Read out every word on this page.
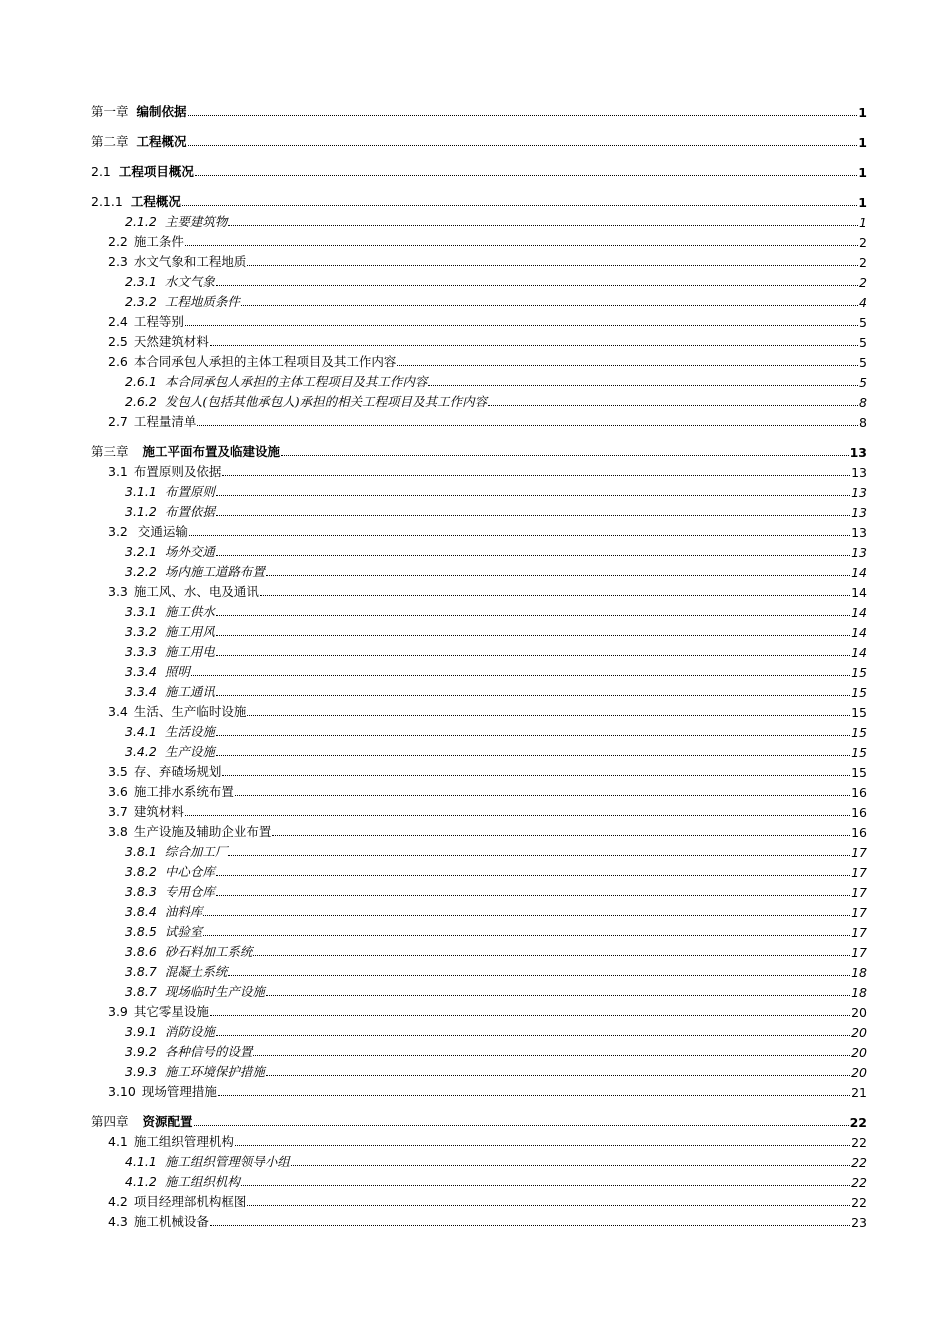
第一章 编制依据	1
第二章 工程概况	1
2.1 工程项目概况	1
2.1.1 工程概况	1
2.1.2 主要建筑物	1
2.2 施工条件	2
2.3 水文气象和工程地质	2
2.3.1 水文气象	2
2.3.2 工程地质条件	4
2.4 工程等别	5
2.5 天然建筑材料	5
2.6 本合同承包人承担的主体工程项目及其工作内容	5
2.6.1 本合同承包人承担的主体工程项目及其工作内容	5
2.6.2 发包人(包括其他承包人)承担的相关工程项目及其工作内容	8
2.7 工程量清单	8
第三章 施工平面布置及临建设施	13
3.1 布置原则及依据	13
3.1.1 布置原则	13
3.1.2 布置依据	13
3.2 交通运输	13
3.2.1 场外交通	13
3.2.2 场内施工道路布置	14
3.3 施工风、水、电及通讯	14
3.3.1 施工供水	14
3.3.2 施工用风	14
3.3.3 施工用电	14
3.3.4 照明	15
3.3.4 施工通讯	15
3.4 生活、生产临时设施	15
3.4.1 生活设施	15
3.4.2 生产设施	15
3.5 存、弃碴场规划	15
3.6 施工排水系统布置	16
3.7 建筑材料	16
3.8 生产设施及辅助企业布置	16
3.8.1 综合加工厂	17
3.8.2 中心仓库	17
3.8.3 专用仓库	17
3.8.4 油料库	17
3.8.5 试验室	17
3.8.6 砂石料加工系统	17
3.8.7 混凝土系统	18
3.8.7 现场临时生产设施	18
3.9 其它零星设施	20
3.9.1 消防设施	20
3.9.2 各种信号的设置	20
3.9.3 施工环境保护措施	20
3.10 现场管理措施	21
第四章 资源配置	22
4.1 施工组织管理机构	22
4.1.1 施工组织管理领导小组	22
4.1.2 施工组织机构	22
4.2 项目经理部机构框图	22
4.3 施工机械设备	23
